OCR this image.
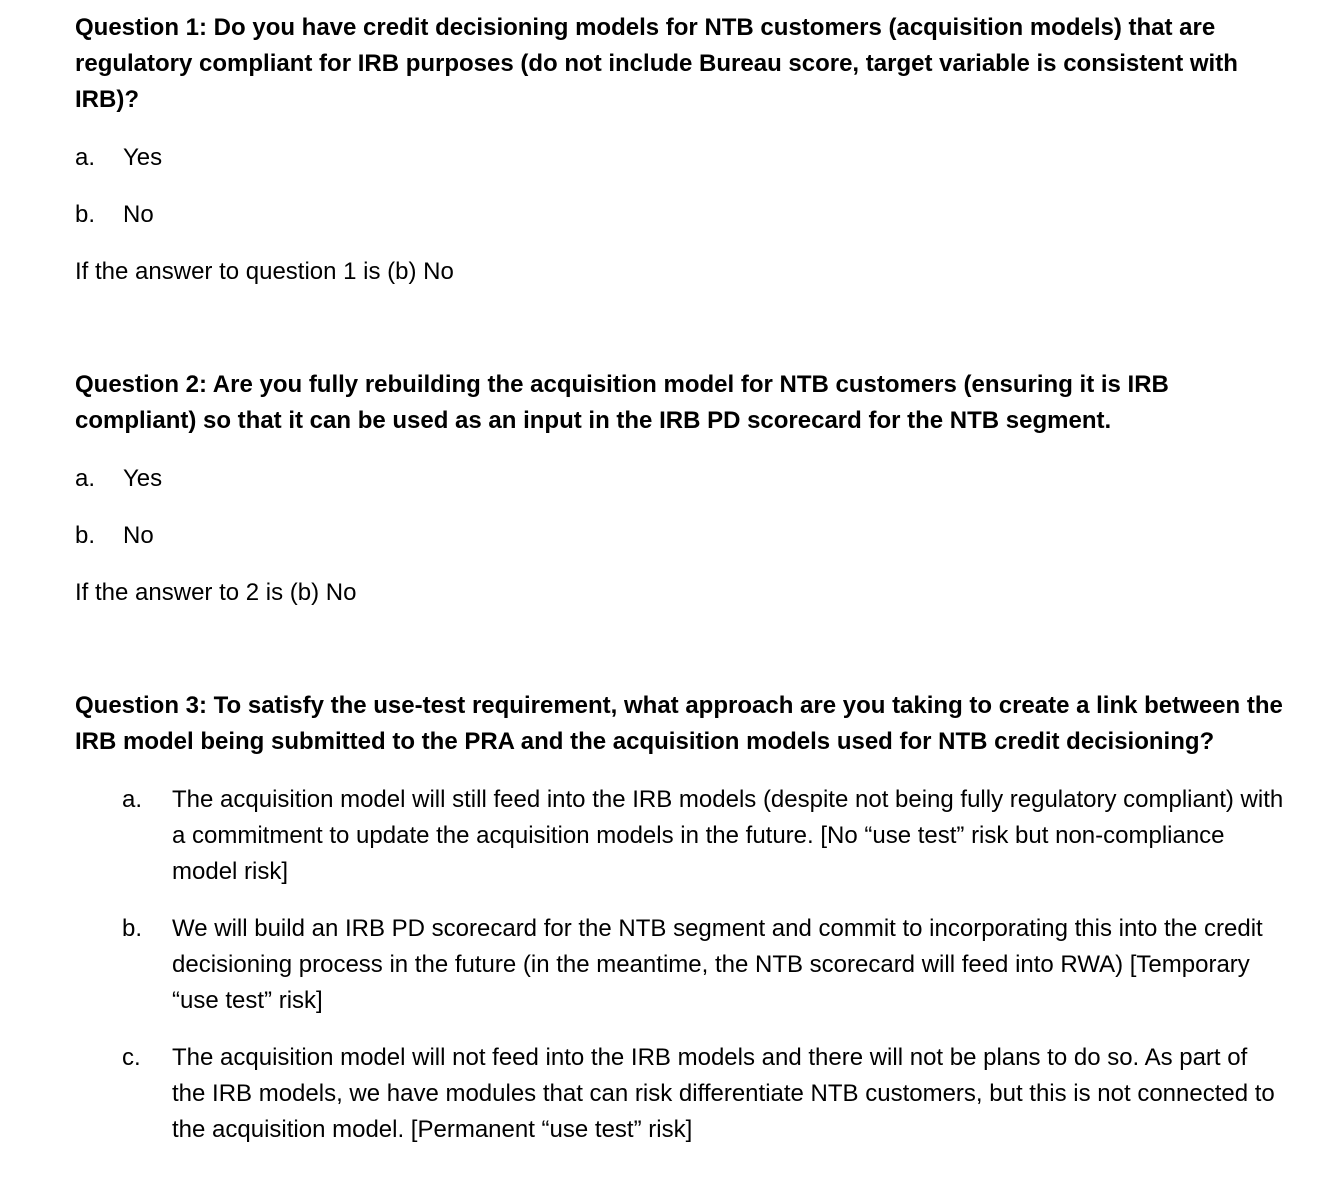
Question 1: Do you have credit decisioning models for NTB customers (acquisition models) that are regulatory compliant for IRB purposes (do not include Bureau score, target variable is consistent with IRB)?

a.	Yes
b.	No

If the answer to question 1 is (b) No

Question 2: Are you fully rebuilding the acquisition model for NTB customers (ensuring it is IRB compliant) so that it can be used as an input in the IRB PD scorecard for the NTB segment.

a.	Yes
b.	No

If the answer to 2 is (b) No

Question 3: To satisfy the use-test requirement, what approach are you taking to create a link between the IRB model being submitted to the PRA and the acquisition models used for NTB credit decisioning?

a.	The acquisition model will still feed into the IRB models (despite not being fully regulatory compliant) with a commitment to update the acquisition models in the future. [No “use test” risk but non-compliance model risk]
b.	We will build an IRB PD scorecard for the NTB segment and commit to incorporating this into the credit decisioning process in the future (in the meantime, the NTB scorecard will feed into RWA) [Temporary “use test” risk]
c.	The acquisition model will not feed into the IRB models and there will not be plans to do so. As part of the IRB models, we have modules that can risk differentiate NTB customers, but this is not connected to the acquisition model. [Permanent “use test” risk]
